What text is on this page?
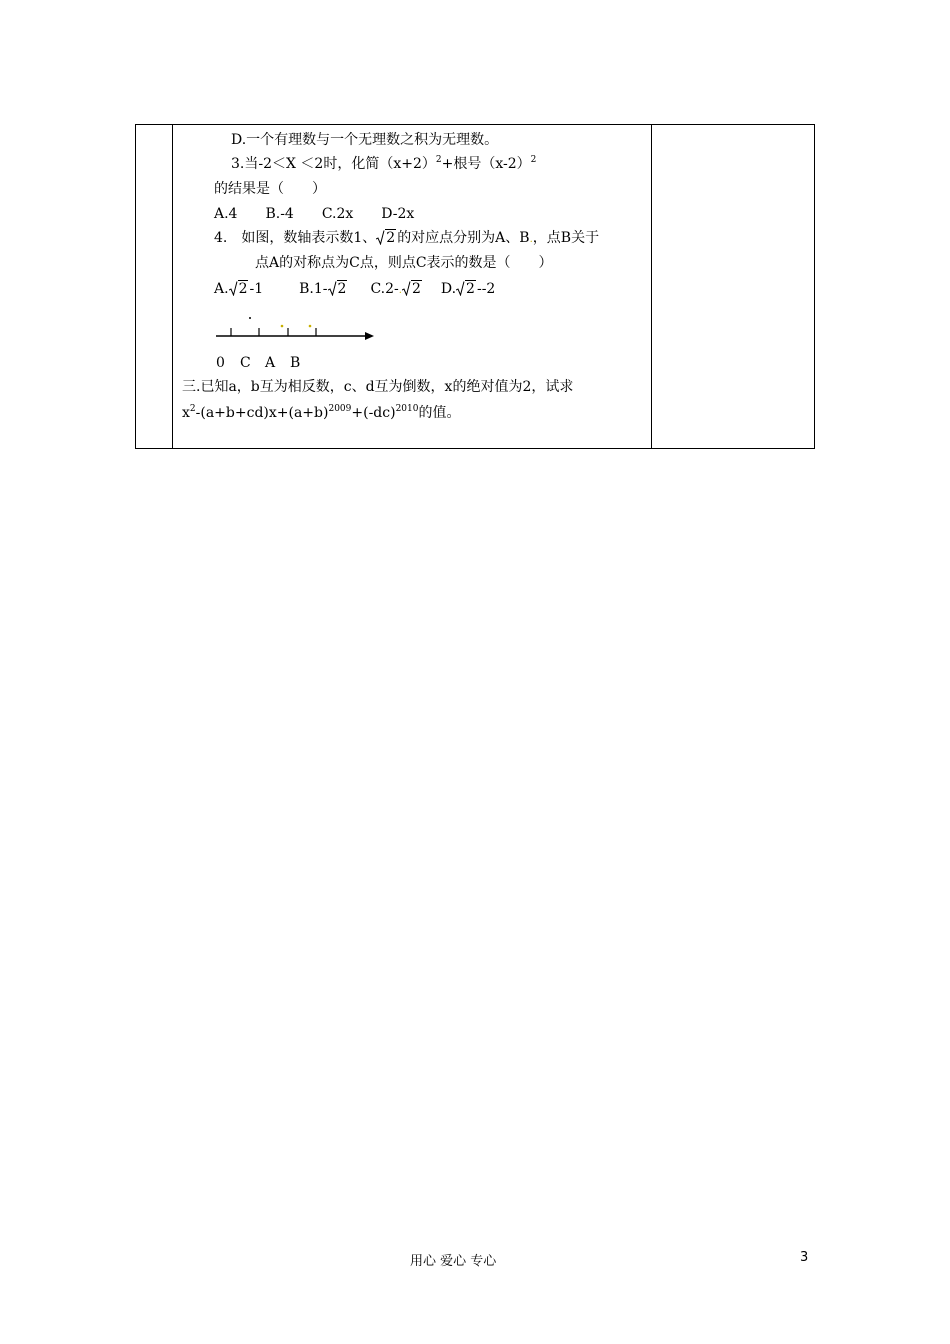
D.一个有理数与一个无理数之积为无理数。
3.当-2＜X ＜2时，化简$(x+2)^2+$根号$(x-2)^2$
的结果是（　　）
A.4　　B.-4　　C.2x　　D-2x
4.　如图，数轴表示数1、 2 的对应点分别为A、B.，点B关于
点A的对称点为C点，则点C表示的数是（　　）
A. 2 -1	B.1- 2 C.2-. 2 D. 2 --2
0 C A B
三.已知a，b互为相反数，c、d互为倒数，x的绝对值为2，试求
$x^2-(a+b+cd)x+(a+b)^{2009}+(-dc)^{2010}$的值。
用心 爱心 专心	3
